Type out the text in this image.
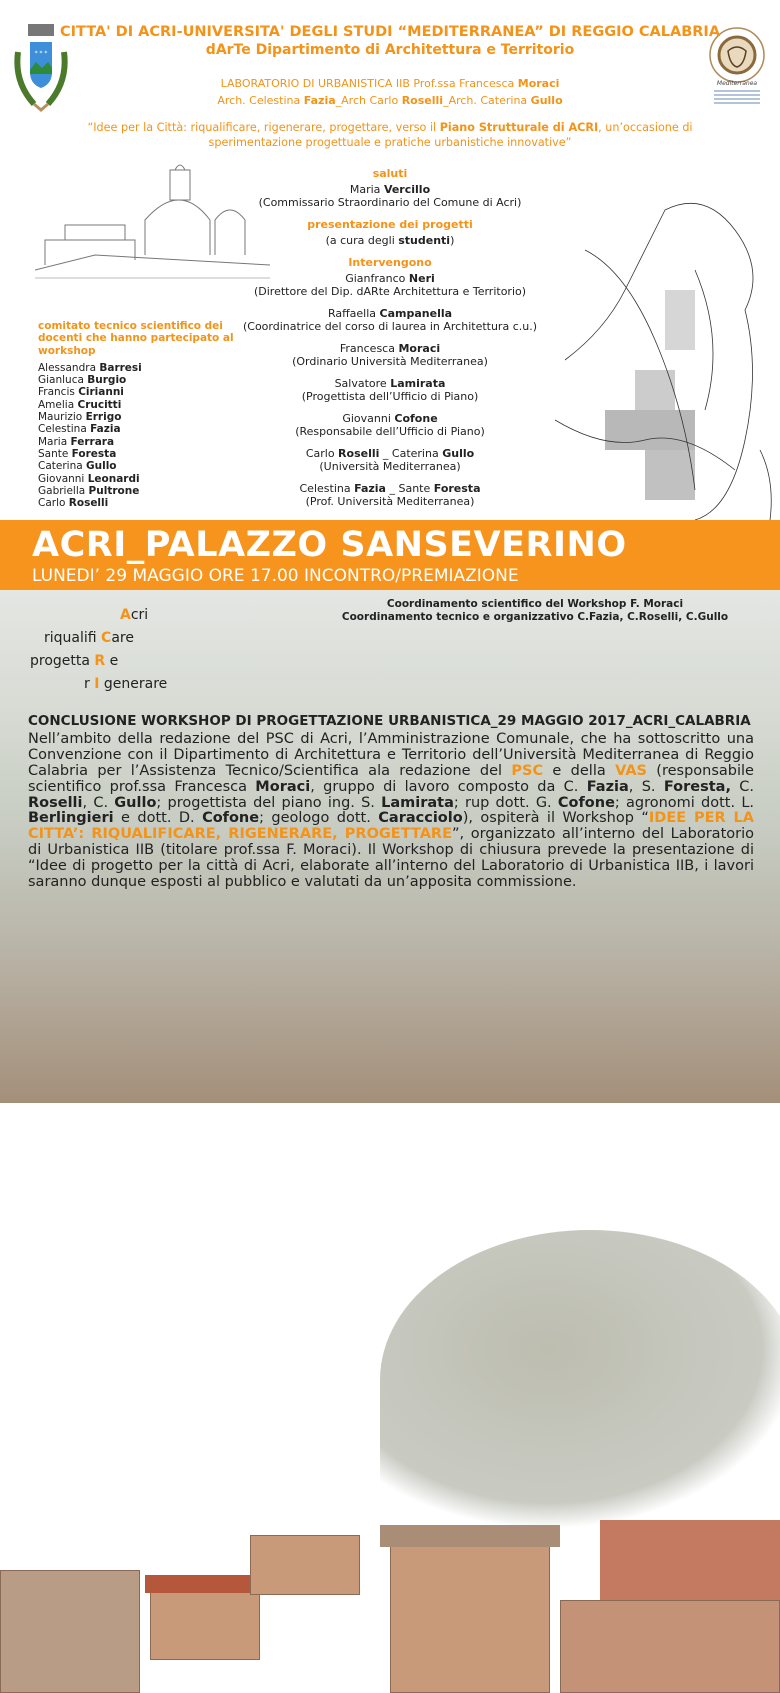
* * *
Mediterranea
CITTA' DI ACRI-UNIVERSITA' DEGLI STUDI “MEDITERRANEA” DI REGGIO CALABRIA
dArTe Dipartimento di Architettura e Territorio
LABORATORIO DI URBANISTICA IIB Prof.ssa Francesca Moraci
Arch. Celestina Fazia_Arch Carlo Roselli_Arch. Caterina Gullo
“Idee per la Città: riqualificare, rigenerare, progettare, verso il Piano Strutturale di ACRI, un’occasione di sperimentazione progettuale e pratiche urbanistiche innovative”
saluti
Maria Vercillo
(Commissario Straordinario del Comune di Acri)
presentazione dei progetti
(a cura degli studenti)
Intervengono
Gianfranco Neri
(Direttore del Dip. dARte Architettura e Territorio)
Raffaella Campanella
(Coordinatrice del corso di laurea in Architettura c.u.)
Francesca Moraci
(Ordinario Università Mediterranea)
Salvatore Lamirata
(Progettista dell’Ufficio di Piano)
Giovanni Cofone
(Responsabile dell’Ufficio di Piano)
Carlo Roselli _ Caterina Gullo
(Università Mediterranea)
Celestina Fazia _ Sante Foresta
(Prof. Università Mediterranea)
comitato tecnico scientifico dei docenti che hanno partecipato al workshop
Alessandra Barresi
Gianluca Burgio
Francis Cirianni
Amelia Crucitti
Maurizio Errigo
Celestina Fazia
Maria Ferrara
Sante Foresta
Caterina Gullo
Giovanni Leonardi
Gabriella Pultrone
Carlo Roselli
ACRI_PALAZZO SANSEVERINO
LUNEDI’ 29 MAGGIO ORE 17.00 INCONTRO/PREMIAZIONE
Coordinamento scientifico del Workshop F. Moraci
Coordinamento tecnico e organizzativo C.Fazia, C.Roselli, C.Gullo
Acri
riqualifi Care
progetta R e
r I generare
CONCLUSIONE WORKSHOP DI PROGETTAZIONE URBANISTICA_29 MAGGIO 2017_ACRI_CALABRIA
Nell’ambito della redazione del PSC di Acri, l’Amministrazione Comunale, che ha sottoscritto una Convenzione con il Dipartimento di Architettura e Territorio dell’Università Mediterranea di Reggio Calabria per l’Assistenza Tecnico/Scientifica ala redazione del PSC e della VAS (responsabile scientifico prof.ssa Francesca Moraci, gruppo di lavoro composto da C. Fazia, S. Foresta, C. Roselli, C. Gullo; progettista del piano ing. S. Lamirata; rup dott. G. Cofone; agronomi dott. L. Berlingieri e dott. D. Cofone; geologo dott. Caracciolo), ospiterà il Workshop “IDEE PER LA CITTA’: RIQUALIFICARE, RIGENERARE, PROGETTARE”, organizzato all’interno del Laboratorio di Urbanistica IIB (titolare prof.ssa F. Moraci). Il Workshop di chiusura prevede la presentazione di “Idee di progetto per la città di Acri, elaborate all’interno del Laboratorio di Urbanistica IIB, i lavori saranno dunque esposti al pubblico e valutati da un’apposita commissione.
